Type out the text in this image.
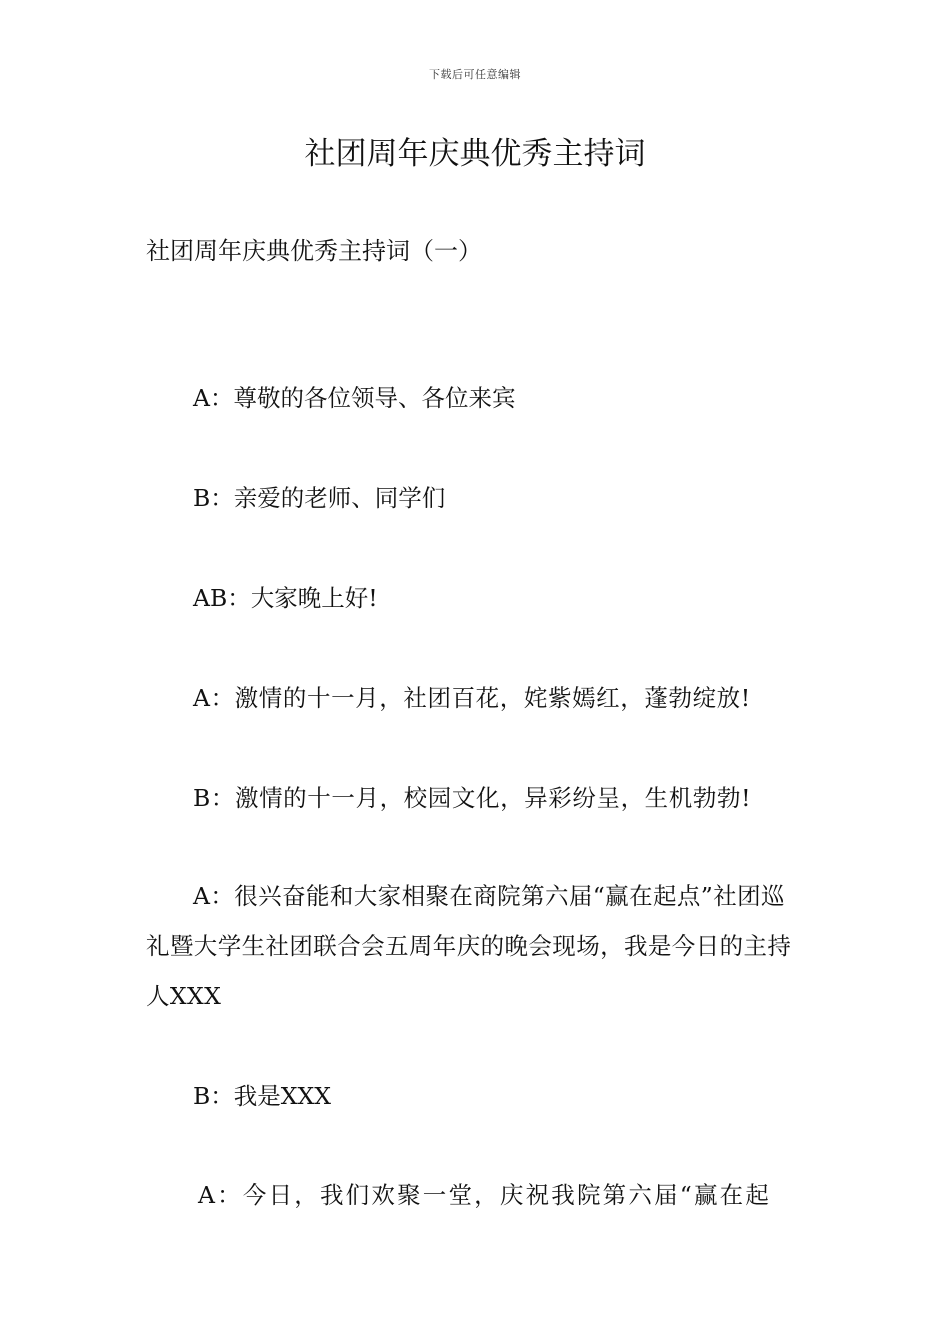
下载后可任意编辑
社团周年庆典优秀主持词
社团周年庆典优秀主持词（一）

A：尊敬的各位领导、各位来宾

B：亲爱的老师、同学们

AB：大家晚上好!

A：激情的十一月，社团百花，姹紫嫣红，蓬勃绽放!

B：激情的十一月，校园文化，异彩纷呈，生机勃勃!

A：很兴奋能和大家相聚在商院第六届“赢在起点”社团巡礼暨大学生社团联合会五周年庆的晚会现场，我是今日的主持人XXX

B：我是XXX

A：今日，我们欢聚一堂，庆祝我院第六届“赢在起
